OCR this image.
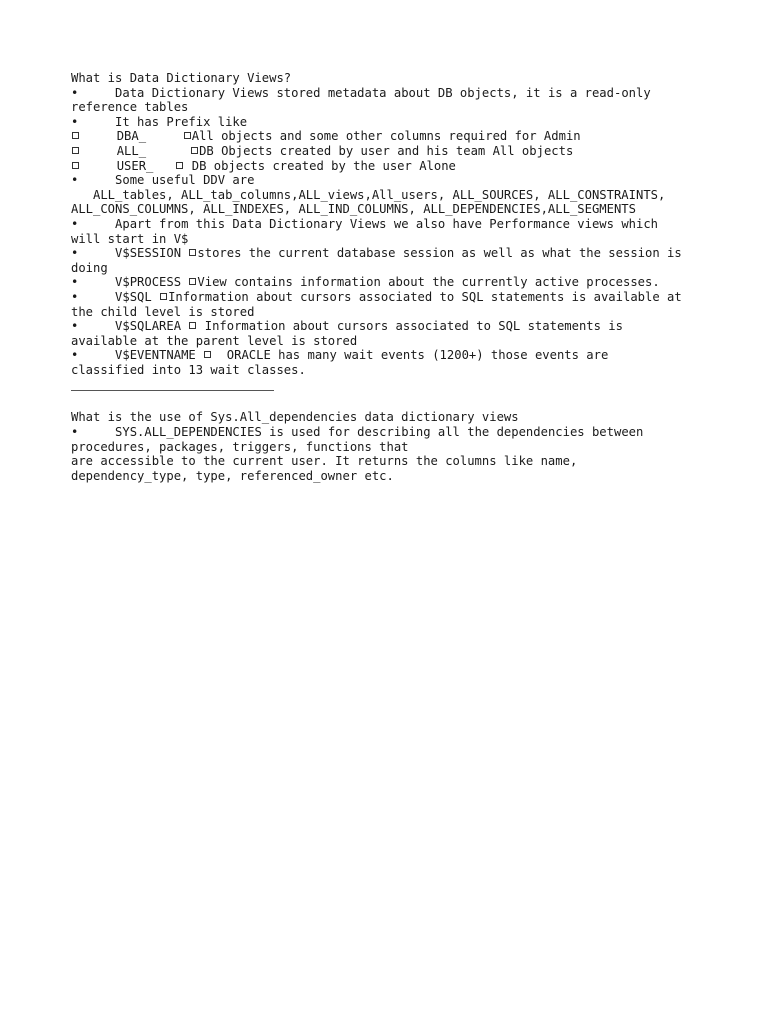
What is Data Dictionary Views?
•	Data Dictionary Views stored metadata about DB objects, it is a read-only
reference tables
•	It has Prefix like
DBA_	All objects and some other columns required for Admin
ALL_	DB Objects created by user and his team All objects
USER_	DB objects created by the user Alone
•	Some useful DDV are
ALL_tables, ALL_tab_columns,ALL_views,All_users, ALL_SOURCES, ALL_CONSTRAINTS,
ALL_CONS_COLUMNS, ALL_INDEXES, ALL_IND_COLUMNS, ALL_DEPENDENCIES,ALL_SEGMENTS
•	Apart from this Data Dictionary Views we also have Performance views which
will start in V$
•	V$SESSION stores the current database session as well as what the session is
doing
•	V$PROCESS View contains information about the currently active processes.
•	V$SQL Information about cursors associated to SQL statements is available at
the child level is stored
•	V$SQLAREA  Information about cursors associated to SQL statements is
available at the parent level is stored
•	V$EVENTNAME   ORACLE has many wait events (1200+) those events are
classified into 13 wait classes.
What is the use of Sys.All_dependencies data dictionary views
•	SYS.ALL_DEPENDENCIES is used for describing all the dependencies between
procedures, packages, triggers, functions that
are accessible to the current user. It returns the columns like name,
dependency_type, type, referenced_owner etc.
